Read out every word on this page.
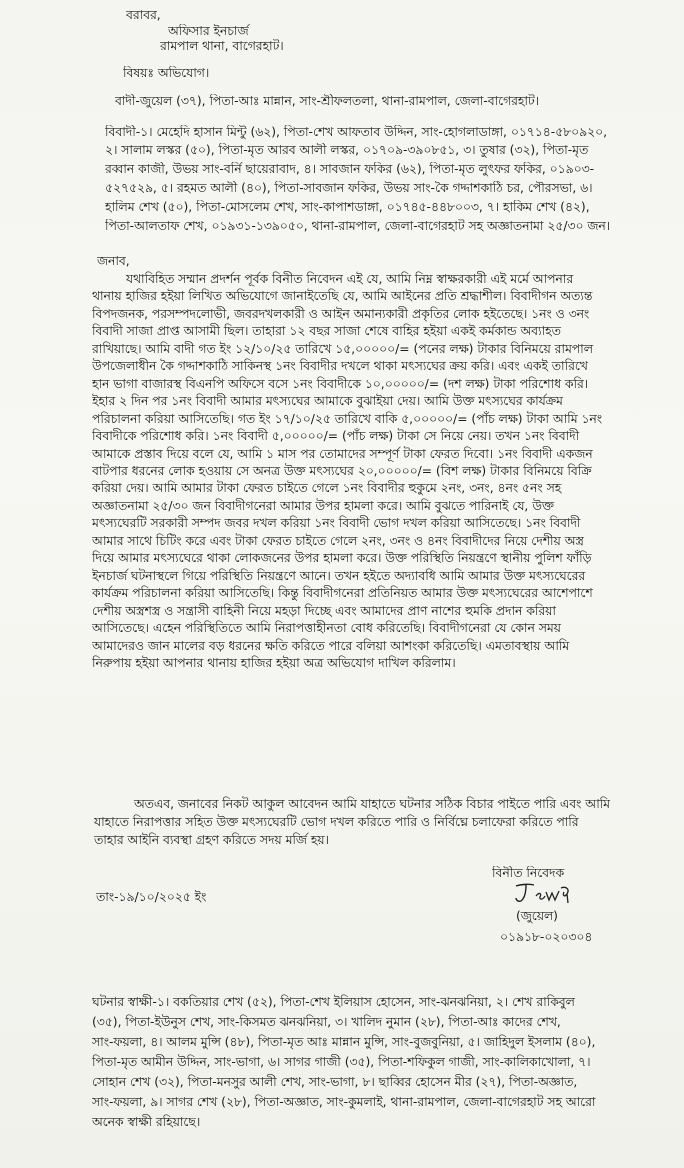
বরাবর,
অফিসার ইনচার্জ
রামপাল থানা, বাগেরহাট।
বিষয়ঃ অভিযোগ।
বাদী-জুয়েল (৩৭), পিতা-আঃ মান্নান, সাং-শ্রীফলতলা, থানা-রামপাল, জেলা-বাগেরহাট।
বিবাদী-১। মেহেদি হাসান মিন্টু (৬২), পিতা-শেখ আফতাব উদ্দিন, সাং-হোগলাডাঙ্গা, ০১৭১৪-৫৮০৯২০,
২। সালাম লস্কর (৫০), পিতা-মৃত আরব আলী লস্কর, ০১৭০৯-৩৯০৮৫১, ৩। তুষার (৩২), পিতা-মৃত
রব্বান কাজী, উভয় সাং-বর্নি ছায়েরাবাদ, ৪। সাবজান ফকির (৬২), পিতা-মৃত লুৎফর ফকির, ০১৯০৩-
৫২৭৫২৯, ৫। রহমত আলী (৪০), পিতা-সাবজান ফকির, উভয় সাং-কৈ গদ্দাশকাঠি চর, পৌরসভা, ৬।
হালিম শেখ (৫০), পিতা-মোসলেম শেখ, সাং-কাপাশডাঙ্গা, ০১৭৪৫-৪৪৮০০৩, ৭। হাকিম শেখ (৪২),
পিতা-আলতাফ শেখ, ০১৯৩১-১৩৯০৫০, থানা-রামপাল, জেলা-বাগেরহাট সহ অজ্ঞাতনামা ২৫/৩০ জন।
জনাব,
যথাবিহিত সম্মান প্রদর্শন পূর্বক বিনীত নিবেদন এই যে, আমি নিম্ন স্বাক্ষরকারী এই মর্মে আপনার
থানায় হাজির হইয়া লিখিত অভিযোগে জানাইতেছি যে, আমি আইনের প্রতি শ্রদ্ধাশীল। বিবাদীগন অত্যন্ত
বিপদজনক, পরসম্পদলোভী, জবরদখলকারী ও আইন অমান্যকারী প্রকৃতির লোক হইতেছে। ১নং ও ৩নং
বিবাদী সাজা প্রাপ্ত আসামী ছিল। তাহারা ১২ বছর সাজা শেষে বাহির হইয়া একই কর্মকান্ড অব্যাহত
রাখিয়াছে। আমি বাদী গত ইং ১২/১০/২৫ তারিখে ১৫,০০০০০/= (পনের লক্ষ) টাকার বিনিময়ে রামপাল
উপজেলাধীন কৈ গদ্দাশকাঠি সাকিনস্থ ১নং বিবাদীর দখলে থাকা মৎস্যঘের ক্রয় করি। এবং একই তারিখে
হান ভাগা বাজারস্থ বিএনপি অফিসে বসে ১নং বিবাদীকে ১০,০০০০০/= (দশ লক্ষ) টাকা পরিশোধ করি।
ইহার ২ দিন পর ১নং বিবাদী আমার মৎস্যঘের আমাকে বুঝাইয়া দেয়। আমি উক্ত মৎস্যঘের কার্যক্রম
পরিচালনা করিয়া আসিতেছি। গত ইং ১৭/১০/২৫ তারিখে বাকি ৫,০০০০০/= (পাঁচ লক্ষ) টাকা আমি ১নং
বিবাদীকে পরিশোধ করি। ১নং বিবাদী ৫,০০০০০/= (পাঁচ লক্ষ) টাকা সে নিয়ে নেয়। তখন ১নং বিবাদী
আমাকে প্রস্তাব দিয়ে বলে যে, আমি ১ মাস পর তোমাদের সম্পূর্ণ টাকা ফেরত দিবো। ১নং বিবাদী একজন
বাটপার ধরনের লোক হওয়ায় সে অনত্র উক্ত মৎস্যঘের ২০,০০০০০/= (বিশ লক্ষ) টাকার বিনিময়ে বিক্রি
করিয়া দেয়। আমি আমার টাকা ফেরত চাইতে গেলে ১নং বিবাদীর হুকুমে ২নং, ৩নং, ৪নং ৫নং সহ
অজ্ঞাতনামা ২৫/৩০ জন বিবাদীগনেরা আমার উপর হামলা করে। আমি বুঝতে পারিনাই যে, উক্ত
মৎস্যঘেরটি সরকারী সম্পদ জবর দখল করিয়া ১নং বিবাদী ভোগ দখল করিয়া আসিতেছে। ১নং বিবাদী
আমার সাথে চিটিং করে এবং টাকা ফেরত চাইতে গেলে ২নং, ৩নং ও ৪নং বিবাদীদের নিয়ে দেশীয় অস্ত্র
দিয়ে আমার মৎস্যঘেরে থাকা লোকজনের উপর হামলা করে। উক্ত পরিস্থিতি নিয়ন্ত্রণে স্থানীয় পুলিশ ফাঁড়ি
ইনচার্জ ঘটনাস্থলে গিয়ে পরিস্থিতি নিয়ন্ত্রণে আনে। তখন হইতে অদ্যাবধি আমি আমার উক্ত মৎস্যঘেরের
কার্যক্রম পরিচালনা করিয়া আসিতেছি। কিন্তু বিবাদীগনেরা প্রতিনিয়ত আমার উক্ত মৎস্যঘেরের আশেপাশে
দেশীয় অস্ত্রশস্ত্র ও সন্ত্রাসী বাহিনী নিয়ে মহড়া দিচ্ছে এবং আমাদের প্রাণ নাশের হুমকি প্রদান করিয়া
আসিতেছে। এহেন পরিস্থিতিতে আমি নিরাপত্তাহীনতা বোধ করিতেছি। বিবাদীগনেরা যে কোন সময়
আমাদেরও জান মালের বড় ধরনের ক্ষতি করিতে পারে বলিয়া আশংকা করিতেছি। এমতাবস্থায় আমি
নিরুপায় হইয়া আপনার থানায় হাজির হইয়া অত্র অভিযোগ দাখিল করিলাম।
অতএব, জনাবের নিকট আকুল আবেদন আমি যাহাতে ঘটনার সঠিক বিচার পাইতে পারি এবং আমি
যাহাতে নিরাপত্তার সহিত উক্ত মৎস্যঘেরটি ভোগ দখল করিতে পারি ও নির্বিঘ্নে চলাফেরা করিতে পারি
তাহার আইনি ব্যবস্থা গ্রহণ করিতে সদয় মর্জি হয়।
বিনীত নিবেদক
(জুয়েল)
০১৯১৮-০২০৩০৪
তাং-১৯/১০/২০২৫ ইং
ঘটনার স্বাক্ষী-১। বকতিয়ার শেখ (৫২), পিতা-শেখ ইলিয়াস হোসেন, সাং-ঝনঝনিয়া, ২। শেখ রাকিবুল
(৩৫), পিতা-ইউনুস শেখ, সাং-কিসমত ঝনঝনিয়া, ৩। খালিদ নুমান (২৮), পিতা-আঃ কাদের শেখ,
সাং-ফয়লা, ৪। আলম মুন্সি (৪৮), পিতা-মৃত আঃ মান্নান মুন্সি, সাং-বুজবুনিয়া, ৫। জাহিদুল ইসলাম (৪০),
পিতা-মৃত আমীন উদ্দিন, সাং-ভাগা, ৬। সাগর গাজী (৩৫), পিতা-শফিকুল গাজী, সাং-কালিকাখোলা, ৭।
সোহান শেখ (৩২), পিতা-মনসুর আলী শেখ, সাং-ভাগা, ৮। ছাব্বির হোসেন মীর (২৭), পিতা-অজ্ঞাত,
সাং-ফয়লা, ৯। সাগর শেখ (২৮), পিতা-অজ্ঞাত, সাং-কুমলাই, থানা-রামপাল, জেলা-বাগেরহাট সহ আরো
অনেক স্বাক্ষী রহিয়াছে।
